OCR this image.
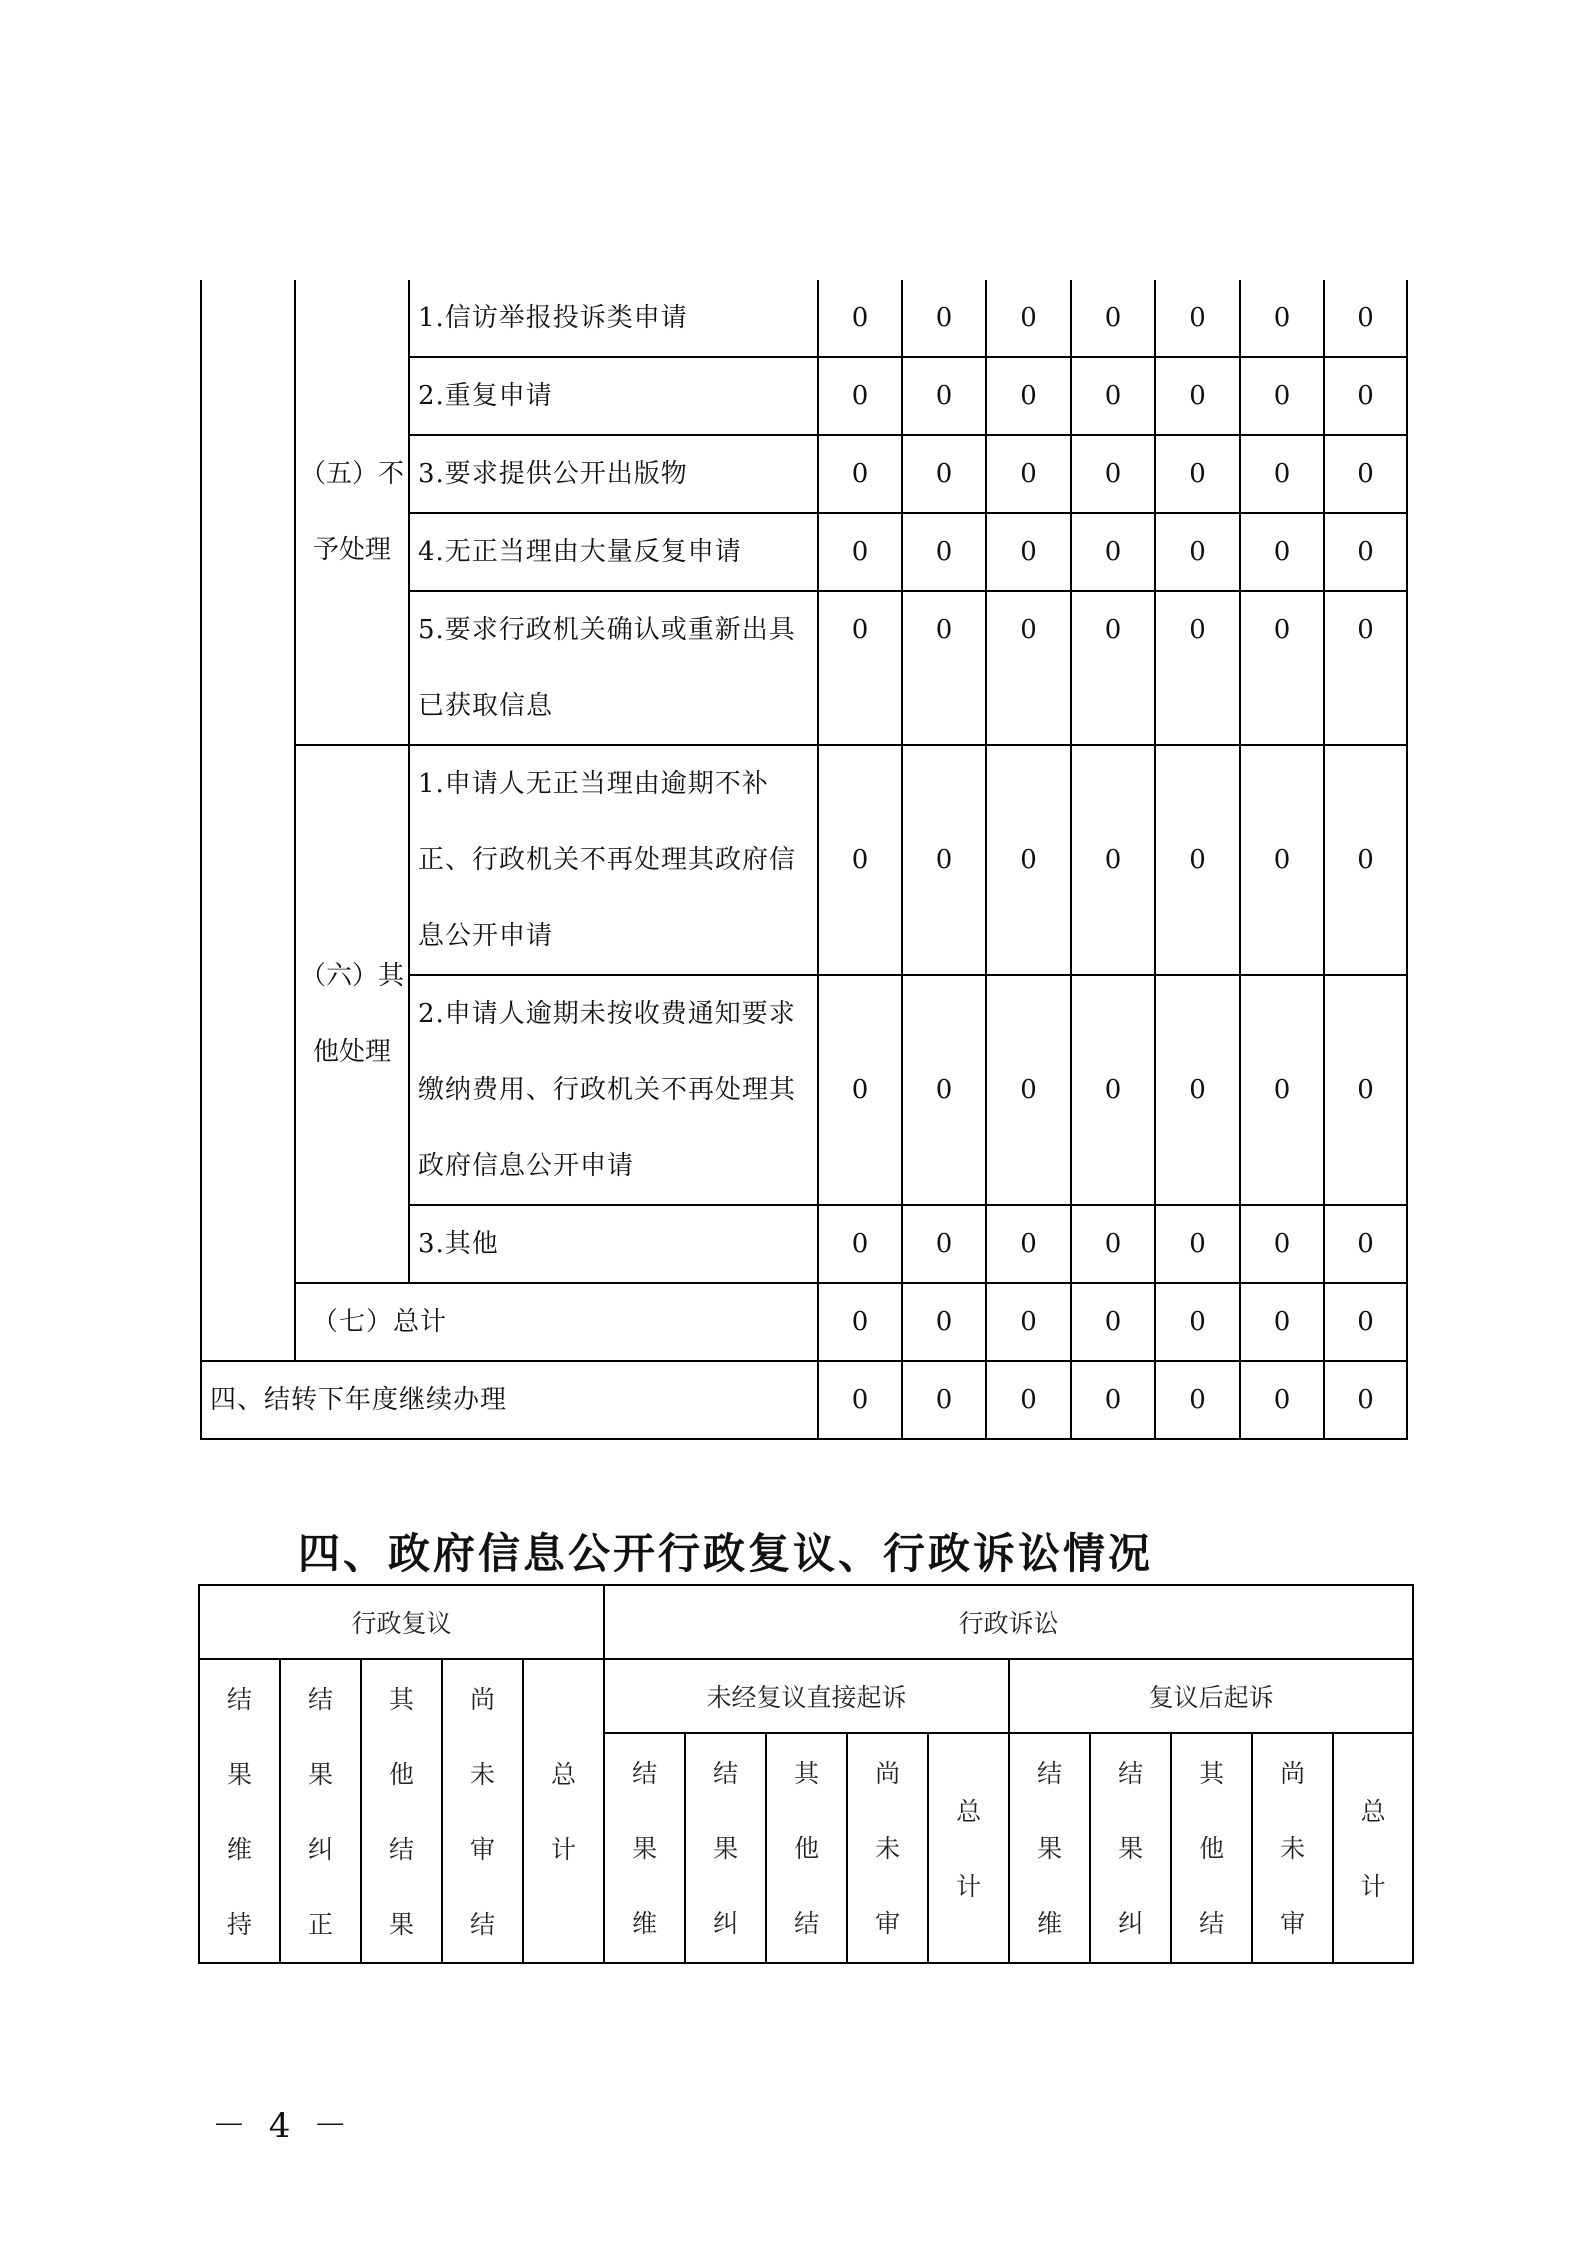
	（五）不予处理	1.信访举报投诉类申请	0	0	0	0	0	0	0
		2.重复申请	0	0	0	0	0	0	0
		3.要求提供公开出版物	0	0	0	0	0	0	0
		4.无正当理由大量反复申请	0	0	0	0	0	0	0
		5.要求行政机关确认或重新出具已获取信息	0	0	0	0	0	0	0
	（六）其他处理	1.申请人无正当理由逾期不补正、行政机关不再处理其政府信息公开申请	0	0	0	0	0	0	0
		2.申请人逾期未按收费通知要求缴纳费用、行政机关不再处理其政府信息公开申请	0	0	0	0	0	0	0
		3.其他	0	0	0	0	0	0	0
	（七）总计		0	0	0	0	0	0	0
四、结转下年度继续办理			0	0	0	0	0	0	0
四、政府信息公开行政复议、行政诉讼情况
行政复议					行政诉讼									

结果维持	结果纠正	其他结果	尚未审结	总计	未经复议直接起诉					复议后起诉				

					结果维	结果纠	其他结	尚未审	总计	结果维	结果纠	其他结	尚未审	总计

－ 4 －
